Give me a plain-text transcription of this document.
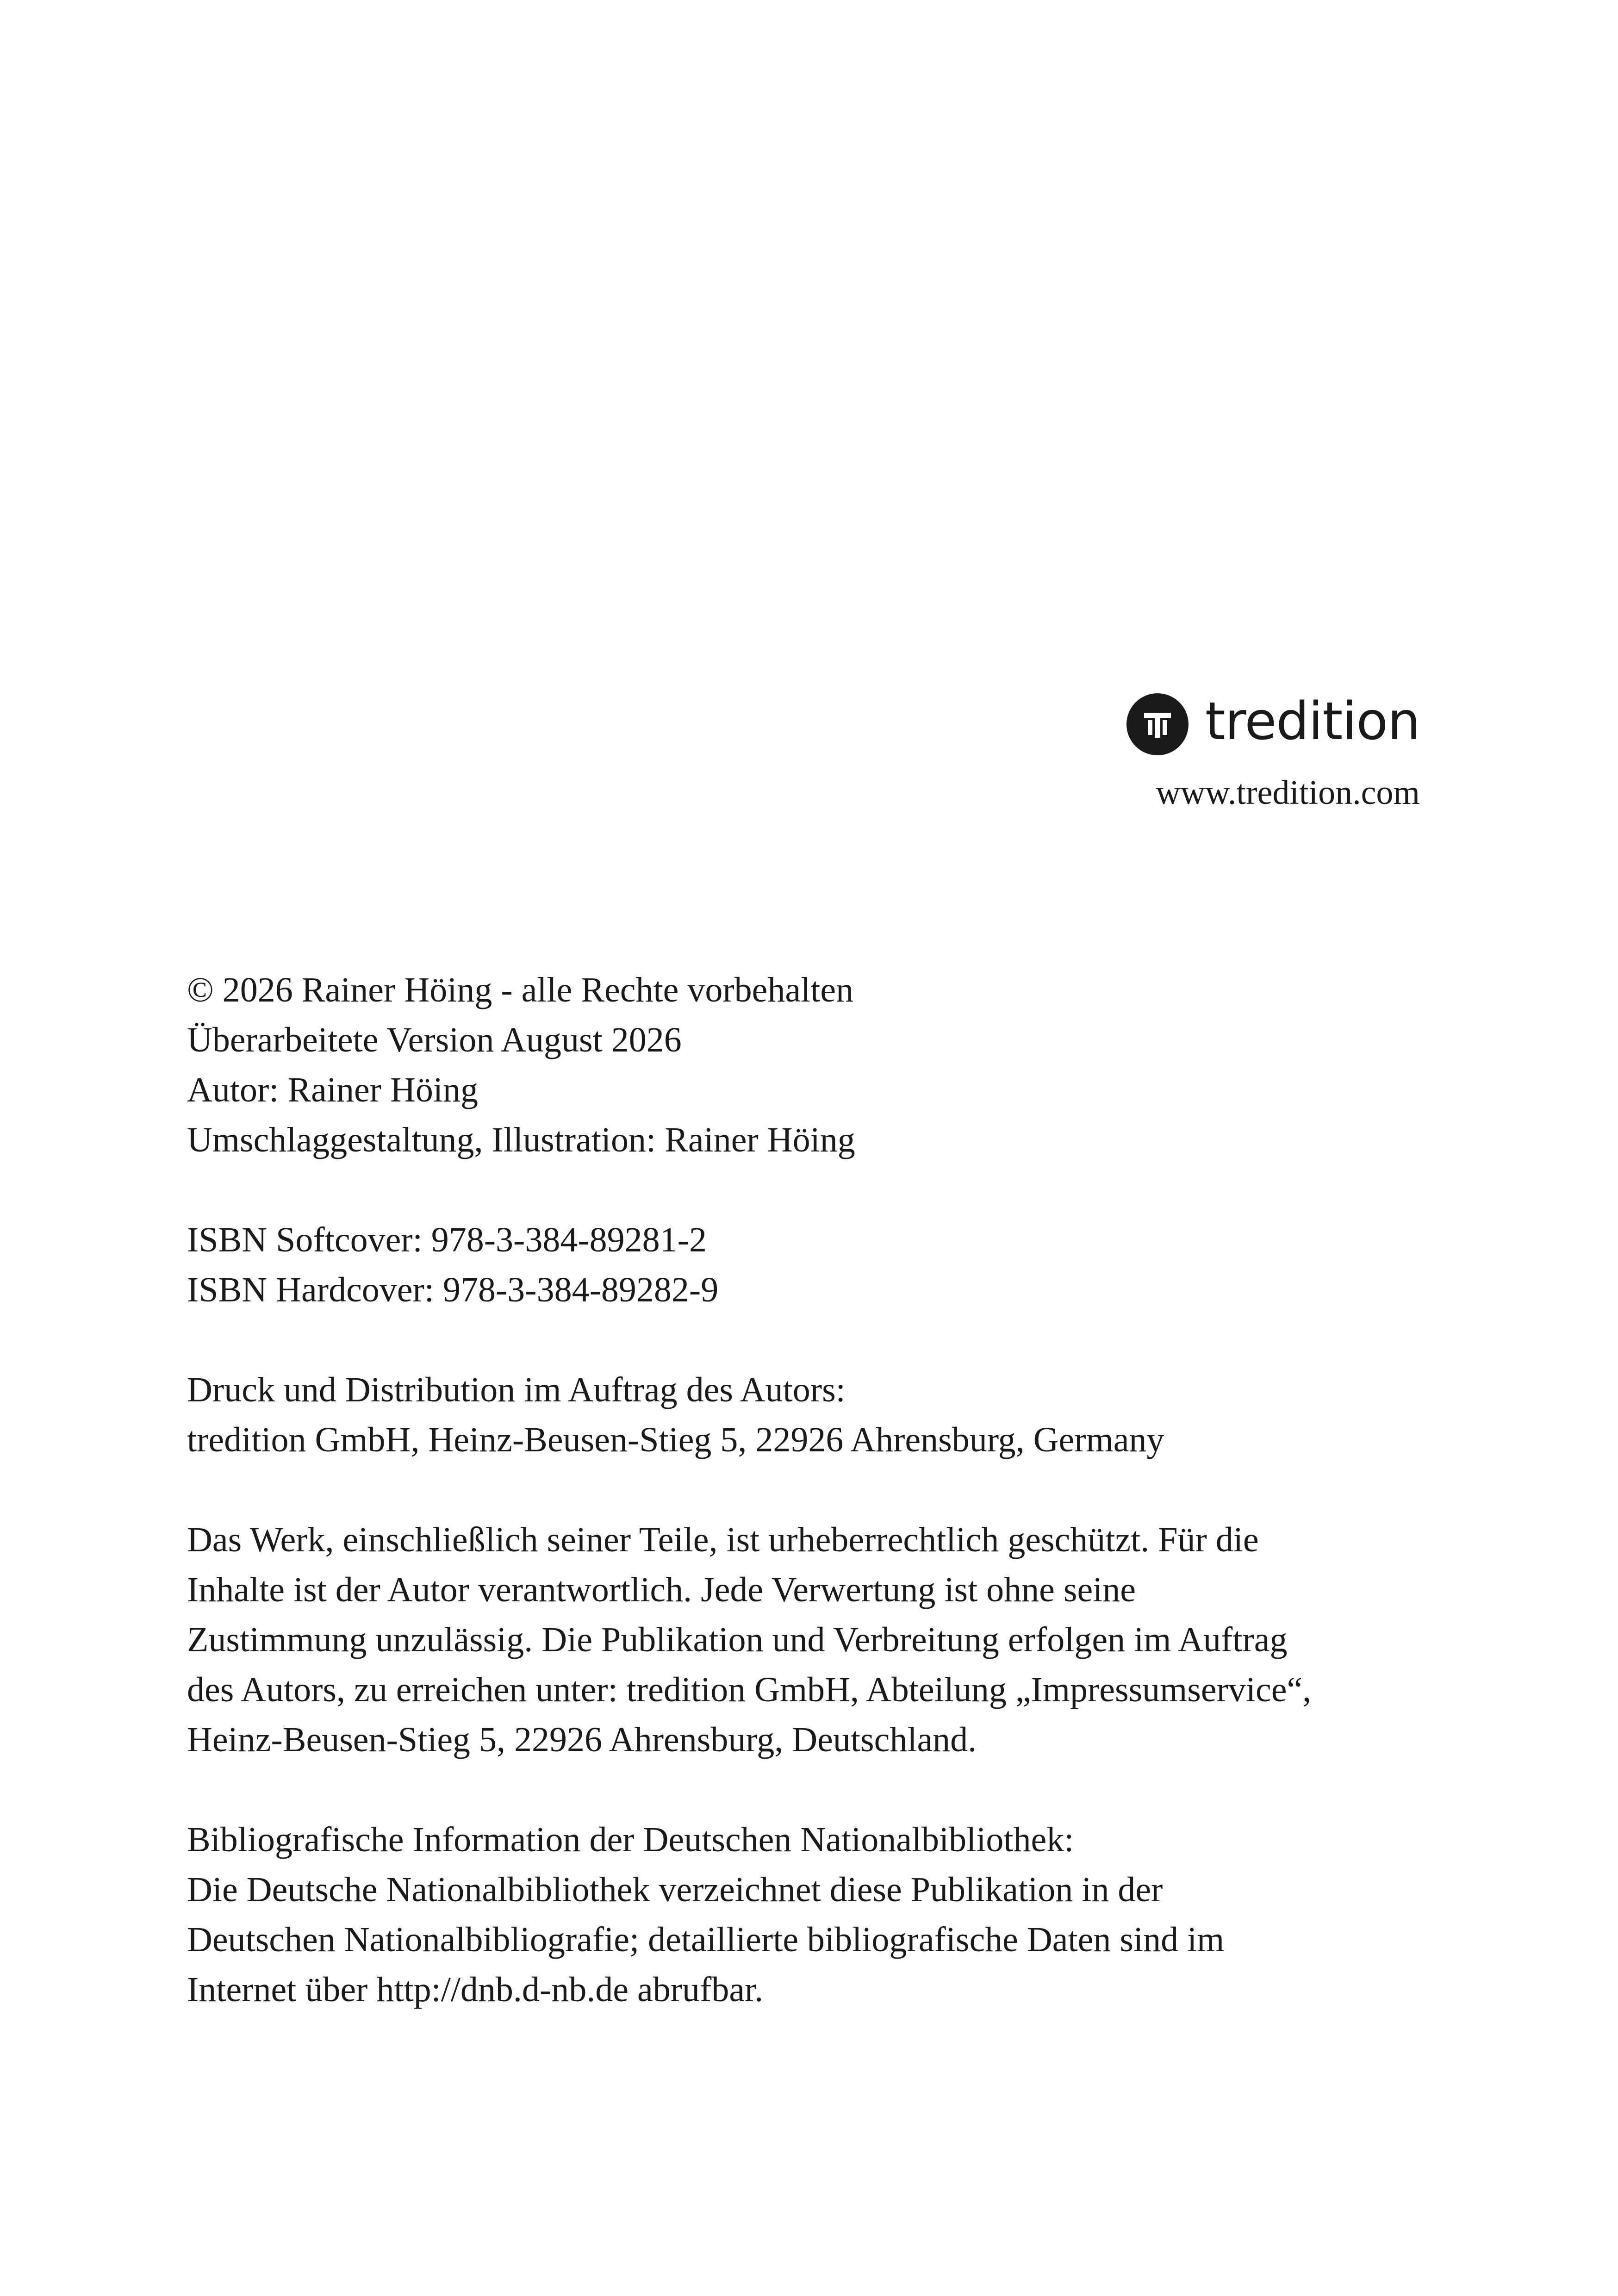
tredition
www.tredition.com

© 2026 Rainer Höing - alle Rechte vorbehalten

Überarbeitete Version August 2026

Autor: Rainer Höing

Umschlaggestaltung, Illustration: Rainer Höing

ISBN Softcover: 978-3-384-89281-2

ISBN Hardcover: 978-3-384-89282-9

Druck und Distribution im Auftrag des Autors:

tredition GmbH, Heinz-Beusen-Stieg 5, 22926 Ahrensburg, Germany

Das Werk, einschließlich seiner Teile, ist urheberrechtlich geschützt. Für die

Inhalte ist der Autor verantwortlich. Jede Verwertung ist ohne seine

Zustimmung unzulässig. Die Publikation und Verbreitung erfolgen im Auftrag

des Autors, zu erreichen unter: tredition GmbH, Abteilung „Impressumservice“,

Heinz-Beusen-Stieg 5, 22926 Ahrensburg, Deutschland.

Bibliografische Information der Deutschen Nationalbibliothek:

Die Deutsche Nationalbibliothek verzeichnet diese Publikation in der

Deutschen Nationalbibliografie; detaillierte bibliografische Daten sind im

Internet über http://dnb.d-nb.de abrufbar.
